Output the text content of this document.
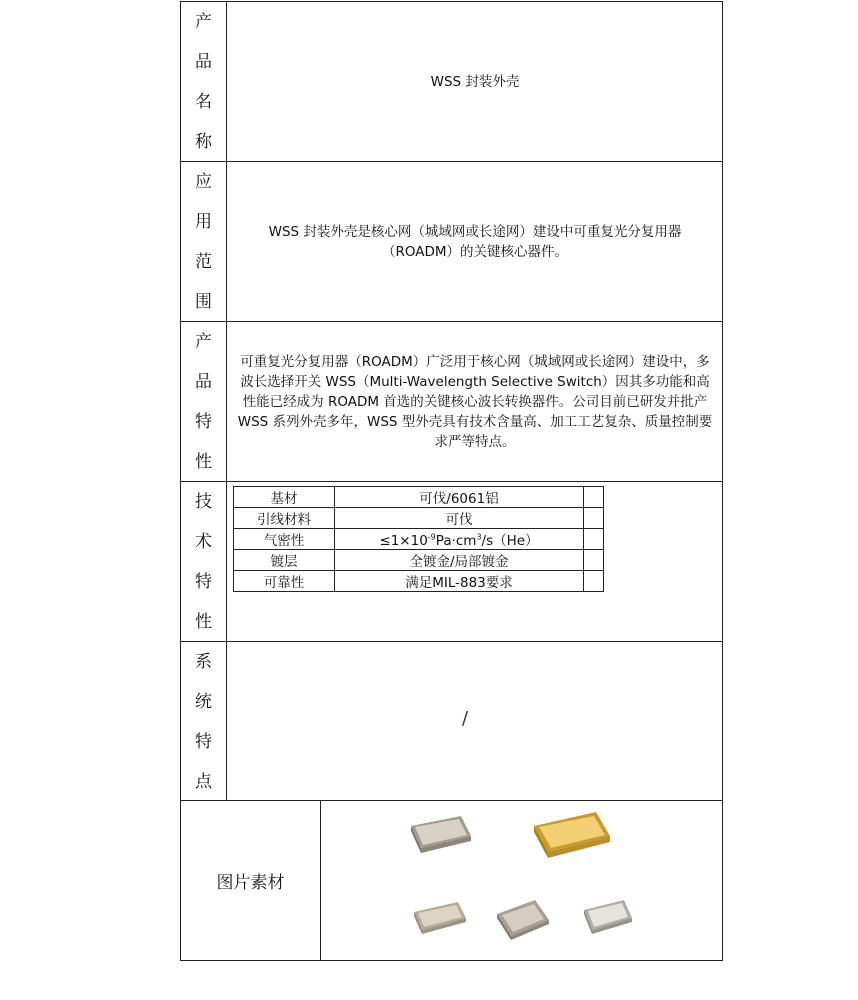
产
品
名
称

WSS 封装外壳

应
用
范
围

WSS 封装外壳是核心网（城域网或长途网）建设中可重复光分复用器（ROADM）的关键核心器件。

产
品
特
性

可重复光分复用器（ROADM）广泛用于核心网（城域网或长途网）建设中，多波长选择开关 WSS（Multi-Wavelength Selective Switch）因其多功能和高性能已经成为 ROADM 首选的关键核心波长转换器件。公司目前已研发并批产 WSS 系列外壳多年，WSS 型外壳具有技术含量高、加工工艺复杂、质量控制要求严等特点。

技
术
特
性
基材	可伐/6061铝	
引线材料	可伐	
气密性	$\le 1\times 10^{-9}Pa\cdot cm^3/s(He)$	
镀层	全镀金/局部镀金	
可靠性	满足MIL-883要求	
系
统
特
点
/
图片素材
